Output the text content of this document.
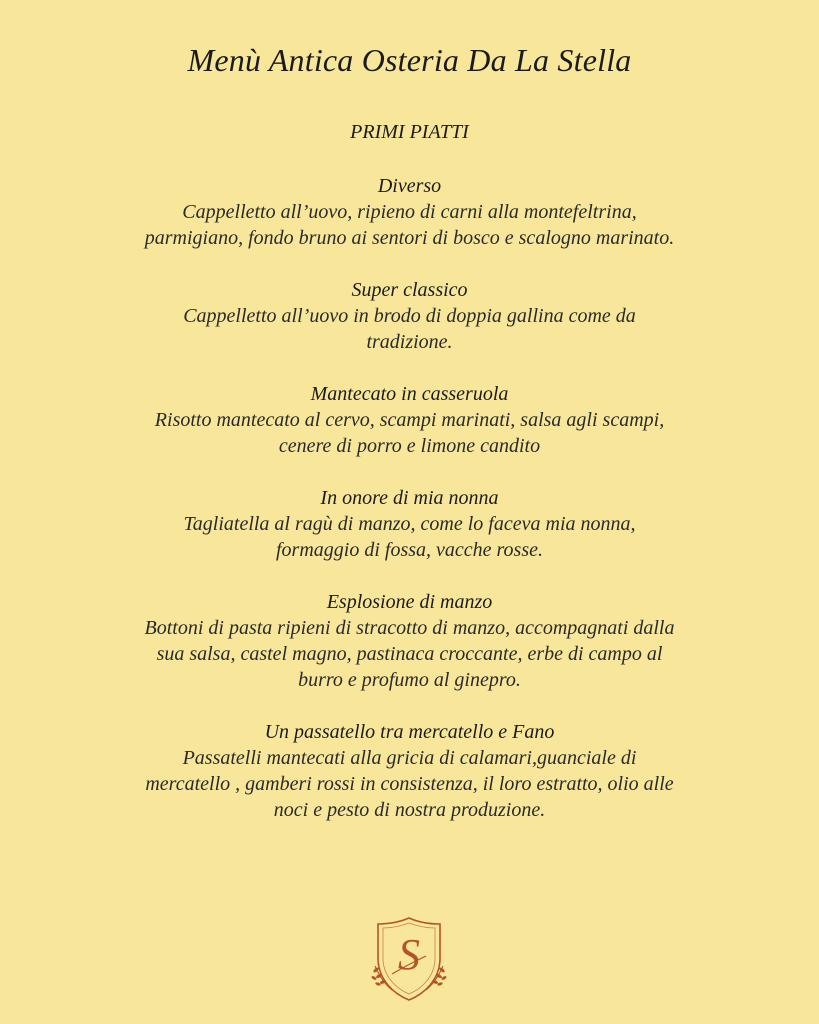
Menù Antica Osteria Da La Stella
PRIMI PIATTI
Diverso
Cappelletto all’uovo, ripieno di carni alla montefeltrina,
parmigiano, fondo bruno ai sentori di bosco e scalogno marinato.
Super classico
Cappelletto all’uovo in brodo di doppia gallina come da
tradizione.
Mantecato in casseruola
Risotto mantecato al cervo, scampi marinati, salsa agli scampi,
cenere di porro e limone candito
In onore di mia nonna
Tagliatella al ragù di manzo, come lo faceva mia nonna,
formaggio di fossa, vacche rosse.
Esplosione di manzo
Bottoni di pasta ripieni di stracotto di manzo, accompagnati dalla
sua salsa, castel magno, pastinaca croccante, erbe di campo al
burro e profumo al ginepro.
Un passatello tra mercatello e Fano
Passatelli mantecati alla gricia di calamari,guanciale di
mercatello , gamberi rossi in consistenza, il loro estratto, olio alle
noci e pesto di nostra produzione.
S
